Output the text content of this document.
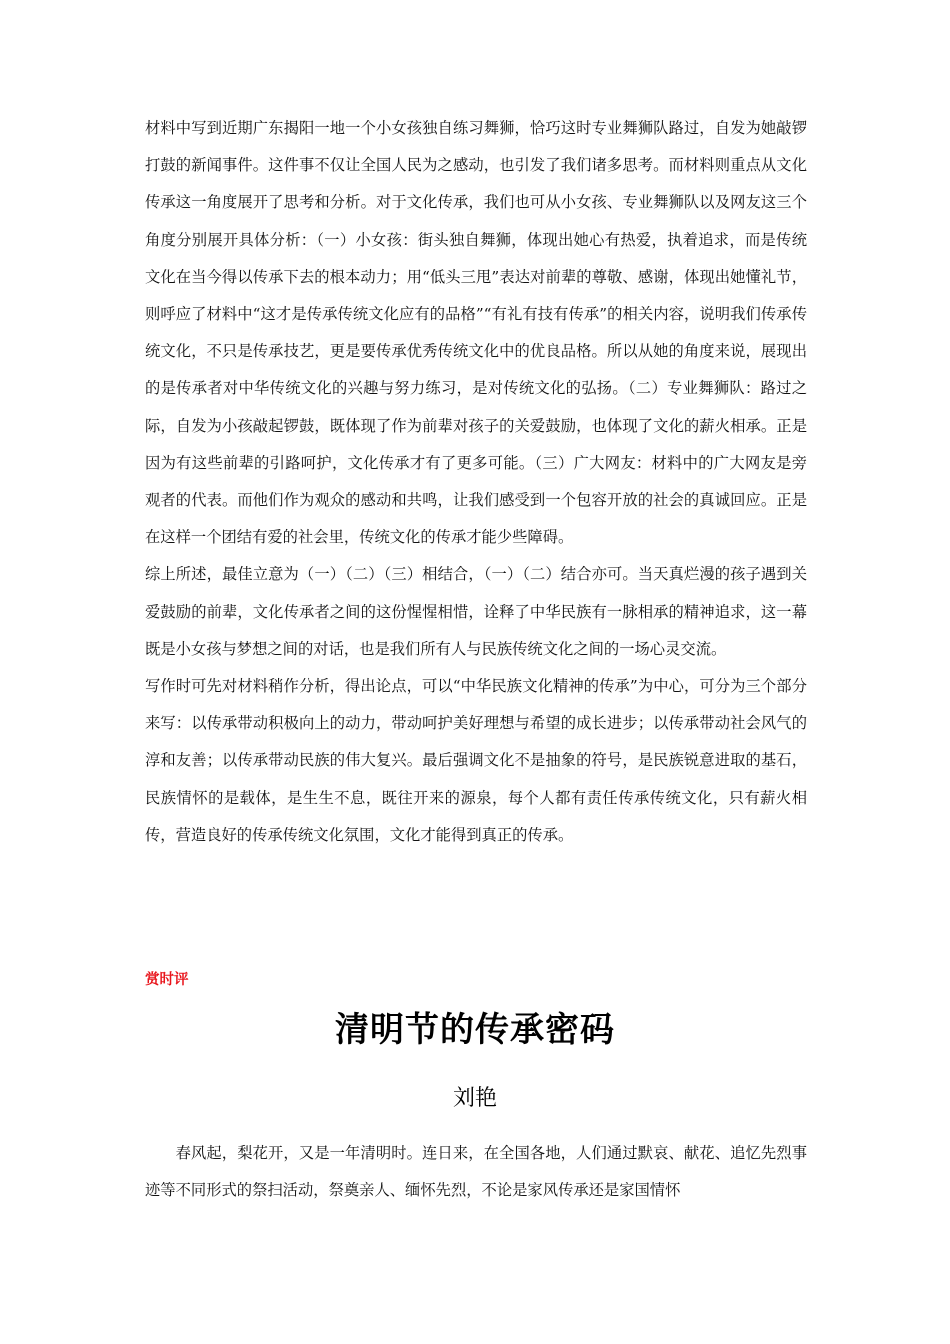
材料中写到近期广东揭阳一地一个小女孩独自练习舞狮，恰巧这时专业舞狮队路过，自发为她敲锣打鼓的新闻事件。这件事不仅让全国人民为之感动，也引发了我们诸多思考。而材料则重点从文化传承这一角度展开了思考和分析。对于文化传承，我们也可从小女孩、专业舞狮队以及网友这三个角度分别展开具体分析：（一）小女孩：街头独自舞狮，体现出她心有热爱，执着追求，而是传统文化在当今得以传承下去的根本动力；用“低头三甩”表达对前辈的尊敬、感谢，体现出她懂礼节，则呼应了材料中“这才是传承传统文化应有的品格”“有礼有技有传承”的相关内容，说明我们传承传统文化，不只是传承技艺，更是要传承优秀传统文化中的优良品格。所以从她的角度来说，展现出的是传承者对中华传统文化的兴趣与努力练习，是对传统文化的弘扬。（二）专业舞狮队：路过之际，自发为小孩敲起锣鼓，既体现了作为前辈对孩子的关爱鼓励，也体现了文化的薪火相承。正是因为有这些前辈的引路呵护，文化传承才有了更多可能。（三）广大网友：材料中的广大网友是旁观者的代表。而他们作为观众的感动和共鸣，让我们感受到一个包容开放的社会的真诚回应。正是在这样一个团结有爱的社会里，传统文化的传承才能少些障碍。

综上所述，最佳立意为（一）（二）（三）相结合，（一）（二）结合亦可。当天真烂漫的孩子遇到关爱鼓励的前辈，文化传承者之间的这份惺惺相惜，诠释了中华民族有一脉相承的精神追求，这一幕既是小女孩与梦想之间的对话，也是我们所有人与民族传统文化之间的一场心灵交流。

写作时可先对材料稍作分析，得出论点，可以“中华民族文化精神的传承”为中心，可分为三个部分来写：以传承带动积极向上的动力，带动呵护美好理想与希望的成长进步；以传承带动社会风气的淳和友善；以传承带动民族的伟大复兴。最后强调文化不是抽象的符号，是民族锐意进取的基石，民族情怀的是载体，是生生不息，既往开来的源泉，每个人都有责任传承传统文化，只有薪火相传，营造良好的传承传统文化氛围，文化才能得到真正的传承。

赏时评
清明节的传承密码
刘艳

春风起，梨花开，又是一年清明时。连日来，在全国各地，人们通过默哀、献花、追忆先烈事迹等不同形式的祭扫活动，祭奠亲人、缅怀先烈，不论是家风传承还是家国情怀
